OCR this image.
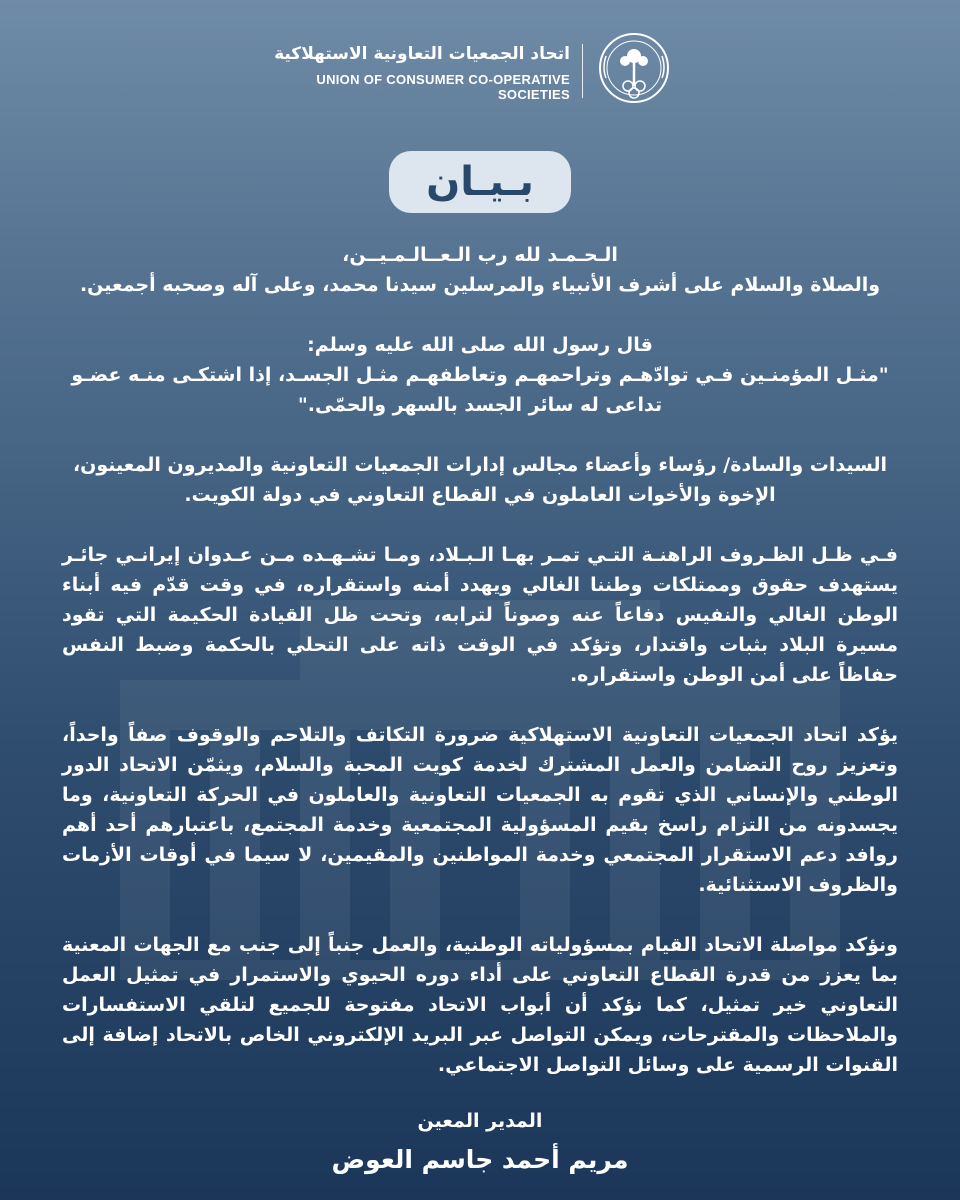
اتحاد الجمعيات التعاونية الاستهلاكية
UNION OF CONSUMER CO-OPERATIVE SOCIETIES
بـيـان

الـحـمـد لله رب الـعــالـمـيــن،

والصلاة والسلام على أشرف الأنبياء والمرسلين سيدنا محمد، وعلى آله وصحبه أجمعين.

قال رسول الله صلى الله عليه وسلم:

"مثـل المؤمنـين فـي توادّهـم وتراحمهـم وتعاطفهـم مثـل الجسـد، إذا اشتكـى منـه عضـو تداعى له سائر الجسد بالسهر والحمّى."

السيدات والسادة/ رؤساء وأعضاء مجالس إدارات الجمعيات التعاونية والمديرون المعينون،

الإخوة والأخوات العاملون في القطاع التعاوني في دولة الكويت.

فـي ظـل الظـروف الراهنـة التـي تمـر بهـا الـبـلاد، ومـا تشـهـده مـن عـدوان إيرانـي جائـر يستهدف حقوق وممتلكات وطننا الغالي ويهدد أمنه واستقراره، في وقت قدّم فيه أبناء الوطن الغالي والنفيس دفاعاً عنه وصوناً لترابه، وتحت ظل القيادة الحكيمة التي تقود مسيرة البلاد بثبات واقتدار، وتؤكد في الوقت ذاته على التحلي بالحكمة وضبط النفس حفاظاً على أمن الوطن واستقراره.

يؤكد اتحاد الجمعيات التعاونية الاستهلاكية ضرورة التكاتف والتلاحم والوقوف صفاً واحداً، وتعزيز روح التضامن والعمل المشترك لخدمة كويت المحبة والسلام، ويثمّن الاتحاد الدور الوطني والإنساني الذي تقوم به الجمعيات التعاونية والعاملون في الحركة التعاونية، وما يجسدونه من التزام راسخ بقيم المسؤولية المجتمعية وخدمة المجتمع، باعتبارهم أحد أهم روافد دعم الاستقرار المجتمعي وخدمة المواطنين والمقيمين، لا سيما في أوقات الأزمات والظروف الاستثنائية.

ونؤكد مواصلة الاتحاد القيام بمسؤولياته الوطنية، والعمل جنباً إلى جنب مع الجهات المعنية بما يعزز من قدرة القطاع التعاوني على أداء دوره الحيوي والاستمرار في تمثيل العمل التعاوني خير تمثيل، كما نؤكد أن أبواب الاتحاد مفتوحة للجميع لتلقي الاستفسارات والملاحظات والمقترحات، ويمكن التواصل عبر البريد الإلكتروني الخاص بالاتحاد إضافة إلى القنوات الرسمية على وسائل التواصل الاجتماعي.

المدير المعين

مريم أحمد جاسم العوض
